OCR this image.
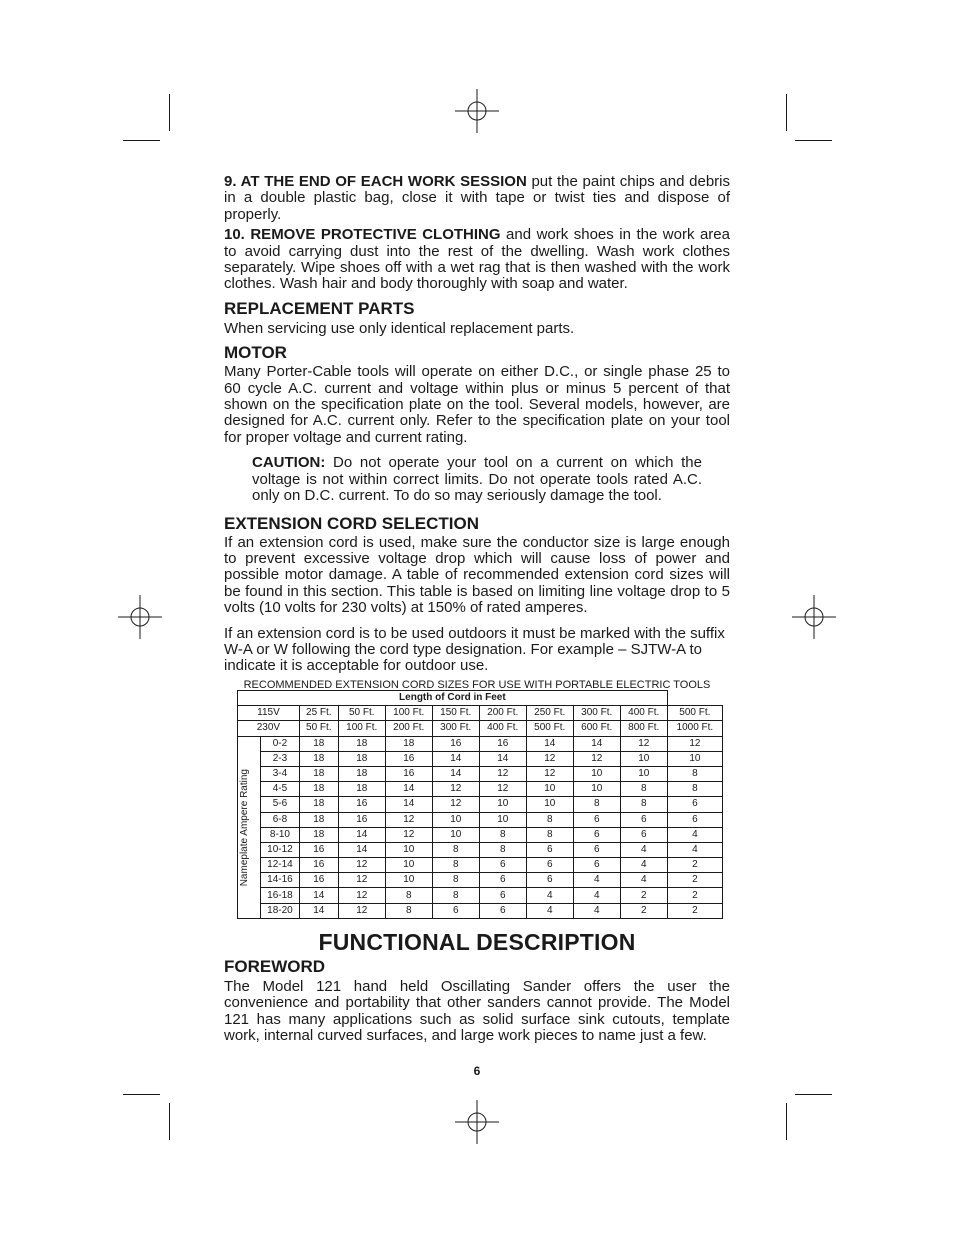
9. AT THE END OF EACH WORK SESSION put the paint chips and debris in a double plastic bag, close it with tape or twist ties and dispose of properly.

10. REMOVE PROTECTIVE CLOTHING and work shoes in the work area to avoid carrying dust into the rest of the dwelling. Wash work clothes separately. Wipe shoes off with a wet rag that is then washed with the work clothes. Wash hair and body thoroughly with soap and water.

REPLACEMENT PARTS

When servicing use only identical replacement parts.

MOTOR

Many Porter-Cable tools will operate on either D.C., or single phase 25 to 60 cycle A.C. current and voltage within plus or minus 5 percent of that shown on the specification plate on the tool. Several models, however, are designed for A.C. current only. Refer to the specification plate on your tool for proper voltage and current rating.

CAUTION: Do not operate your tool on a current on which the voltage is not within correct limits. Do not operate tools rated A.C. only on D.C. current. To do so may seriously damage the tool.

EXTENSION CORD SELECTION

If an extension cord is used, make sure the conductor size is large enough to prevent excessive voltage drop which will cause loss of power and possible motor damage. A table of recommended extension cord sizes will be found in this section. This table is based on limiting line voltage drop to 5 volts (10 volts for 230 volts) at 150% of rated amperes.

If an extension cord is to be used outdoors it must be marked with the suffix W-A or W following the cord type designation. For example – SJTW-A to indicate it is acceptable for outdoor use.

RECOMMENDED EXTENSION CORD SIZES FOR USE WITH PORTABLE ELECTRIC TOOLS

Length of Cord in Feet										
115V		25 Ft.	50 Ft.	100 Ft.	150 Ft.	200 Ft.	250 Ft.	300 Ft.	400 Ft.	500 Ft.
230V		50 Ft.	100 Ft.	200 Ft.	300 Ft.	400 Ft.	500 Ft.	600 Ft.	800 Ft.	1000 Ft.

Nameplate Ampere Rating	0-2	18	18	18	16	16	14	14	12	12
	2-3	18	18	16	14	14	12	12	10	10
	3-4	18	18	16	14	12	12	10	10	8
	4-5	18	18	14	12	12	10	10	8	8
	5-6	18	16	14	12	10	10	8	8	6
	6-8	18	16	12	10	10	8	6	6	6
	8-10	18	14	12	10	8	8	6	6	4
	10-12	16	14	10	8	8	6	6	4	4
	12-14	16	12	10	8	6	6	6	4	2
	14-16	16	12	10	8	6	6	4	4	2
	16-18	14	12	8	8	6	4	4	2	2
	18-20	14	12	8	6	6	4	4	2	2
FUNCTIONAL DESCRIPTION
FOREWORD

The Model 121 hand held Oscillating Sander offers the user the convenience and portability that other sanders cannot provide. The Model 121 has many applications such as solid surface sink cutouts, template work, internal curved surfaces, and large work pieces to name just a few.

6
